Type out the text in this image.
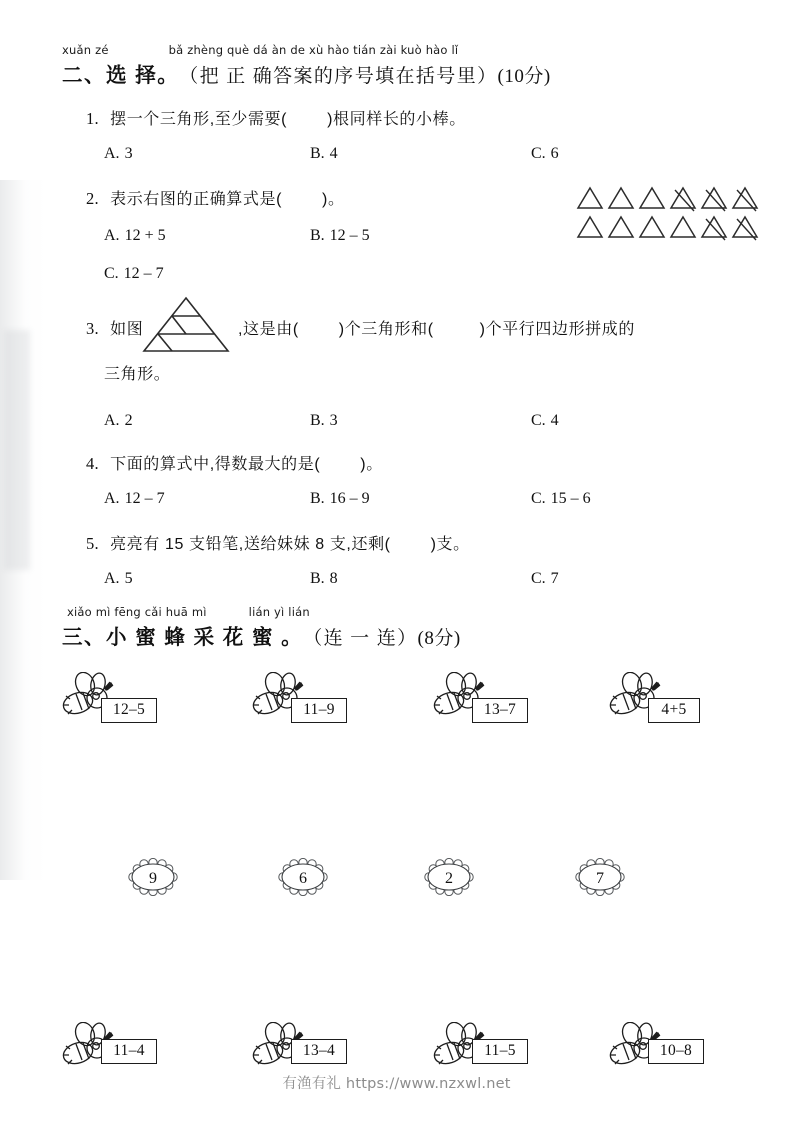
xuǎn zé	bǎ zhèng què dá àn de xù hào tián zài kuò hào lǐ
二、选 择。 （把 正 确答案的序号填在括号里） (10分)
1. 摆一个三角形,至少需要(	)根同样长的小棒。
A. 3	B. 4	C. 6
2. 表示右图的正确算式是(	)。
A. 12 + 5	B. 12 – 5
C. 12 – 7
3. 如图	,这是由(	)个三角形和(	)个平行四边形拼成的
三角形。
A. 2	B. 3	C. 4
4. 下面的算式中,得数最大的是(	)。
A. 12 – 7	B. 16 – 9	C. 15 – 6
5. 亮亮有 15 支铅笔,送给妹妹 8 支,还剩(	)支。
A. 5	B. 8	C. 7
xiǎo mì fēng cǎi huā mì	lián yì lián
三、小 蜜 蜂 采 花 蜜 。 （连 一 连） (8分)
12–5	11–9	13–7	4+5
9	6	2	7
11–4	13–4	11–5	10–8
有渔有礼 https://www.nzxwl.net
